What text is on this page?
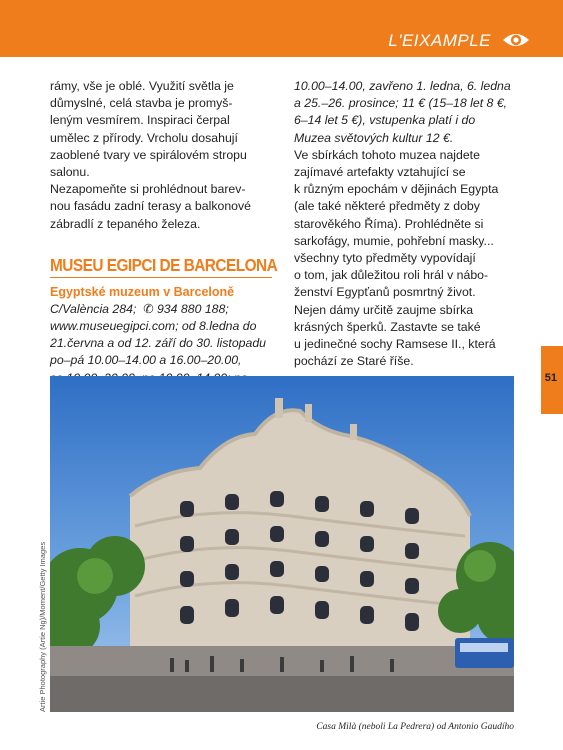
L'EIXAMPLE
51
rámy, vše je oblé. Využití světla je
důmyslné, celá stavba je promyš-
leným vesmírem. Inspiraci čerpal
umělec z přírody. Vrcholu dosahují
zaoblené tvary ve spirálovém stropu
salonu.
Nezapomeňte si prohlédnout barev-
nou fasádu zadní terasy a balkonové
zábradlí z tepaného železa.
MUSEU EGIPCI DE BARCELONA
Egyptské muzeum v Barceloně
C/València 284; ✆ 934 880 188;
www.museuegipci.com; od 8.ledna do
21.června a od 12. září do 30. listopadu
po–pá 10.00–14.00 a 16.00–20.00,
10.00–14.00, zavřeno 1. ledna, 6. ledna
a 25.–26. prosince; 11 € (15–18 let 8 €,
6–14 let 5 €), vstupenka platí i do
Muzea světových kultur 12 €.
Ve sbírkách tohoto muzea najdete
zajímavé artefakty vztahující se
k různým epochám v dějinách Egypta
(ale také některé předměty z doby
starověkého Říma). Prohlédněte si
sarkofágy, mumie, pohřební masky...
všechny tyto předměty vypovídají
o tom, jak důležitou roli hrál v nábo-
ženství Egypťanů posmrtný život.
Nejen dámy určitě zaujme sbírka
krásných šperků. Zastavte se také
u jedinečné sochy Ramsese II., která
pochází ze Staré říše.
Artie Photography (Artie Ng)/Moment/Getty Images
Casa Milà (neboli La Pedrera) od Antonio Gaudího
